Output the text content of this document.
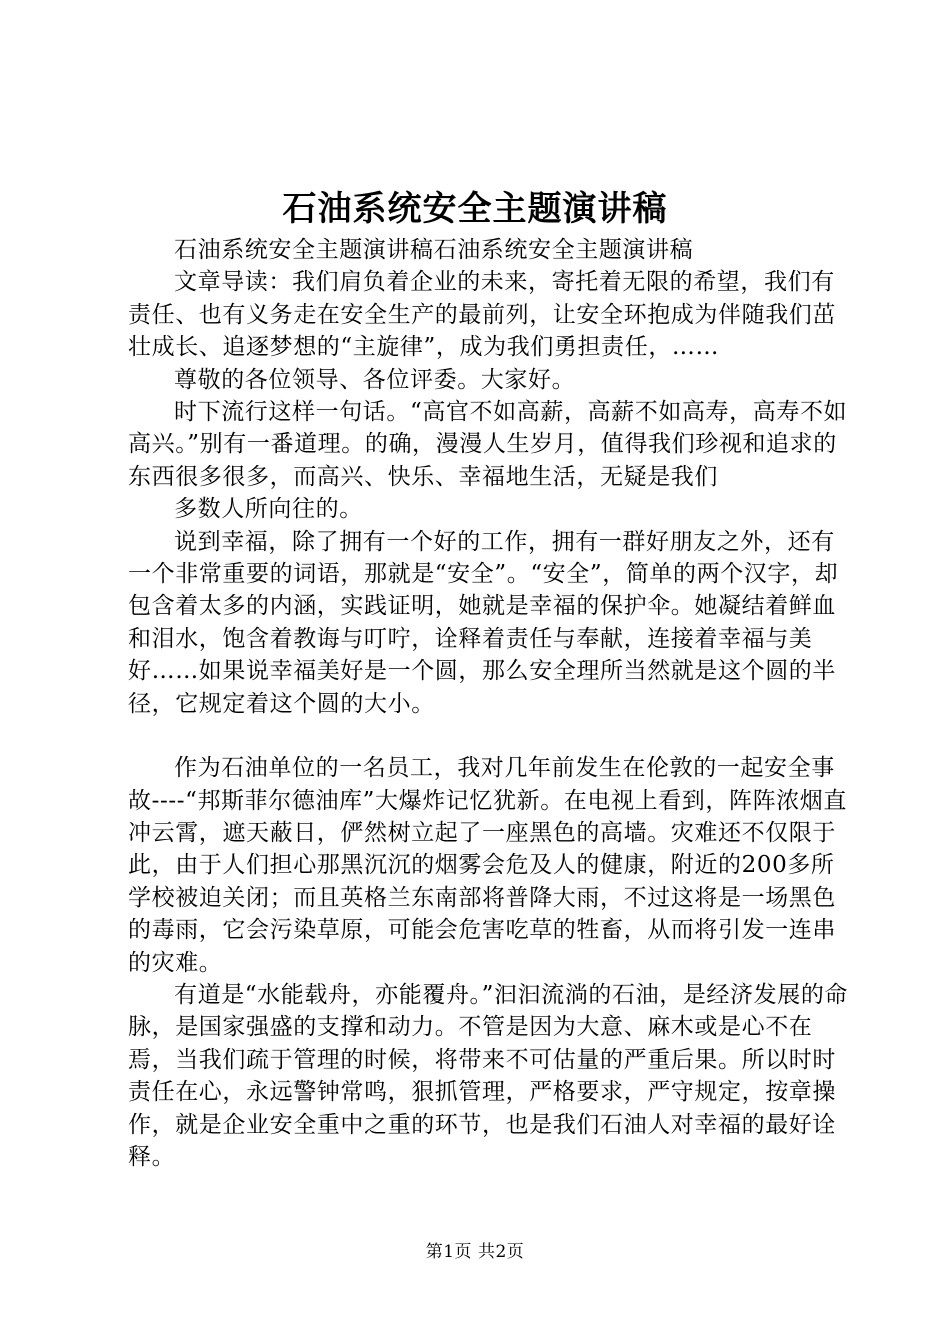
石油系统安全主题演讲稿

石油系统安全主题演讲稿石油系统安全主题演讲稿

文章导读：我们肩负着企业的未来，寄托着无限的希望，我们有责任、也有义务走在安全生产的最前列，让安全环抱成为伴随我们茁壮成长、追逐梦想的“主旋律”，成为我们勇担责任，……

尊敬的各位领导、各位评委。大家好。

时下流行这样一句话。“高官不如高薪，高薪不如高寿，高寿不如高兴。”别有一番道理。的确，漫漫人生岁月，值得我们珍视和追求的东西很多很多，而高兴、快乐、幸福地生活，无疑是我们

多数人所向往的。

说到幸福，除了拥有一个好的工作，拥有一群好朋友之外，还有一个非常重要的词语，那就是“安全”。“安全”，简单的两个汉字，却包含着太多的内涵，实践证明，她就是幸福的保护伞。她凝结着鲜血和泪水，饱含着教诲与叮咛，诠释着责任与奉献，连接着幸福与美好……如果说幸福美好是一个圆，那么安全理所当然就是这个圆的半径，它规定着这个圆的大小。

作为石油单位的一名员工，我对几年前发生在伦敦的一起安全事故----“邦斯菲尔德油库”大爆炸记忆犹新。在电视上看到，阵阵浓烟直冲云霄，遮天蔽日，俨然树立起了一座黑色的高墙。灾难还不仅限于此，由于人们担心那黑沉沉的烟雾会危及人的健康，附近的200多所学校被迫关闭；而且英格兰东南部将普降大雨，不过这将是一场黑色的毒雨，它会污染草原，可能会危害吃草的牲畜，从而将引发一连串的灾难。

有道是“水能载舟，亦能覆舟。”汩汩流淌的石油，是经济发展的命脉，是国家强盛的支撑和动力。不管是因为大意、麻木或是心不在焉，当我们疏于管理的时候，将带来不可估量的严重后果。所以时时责任在心，永远警钟常鸣，狠抓管理，严格要求，严守规定，按章操作，就是企业安全重中之重的环节，也是我们石油人对幸福的最好诠释。

第1页 共2页
